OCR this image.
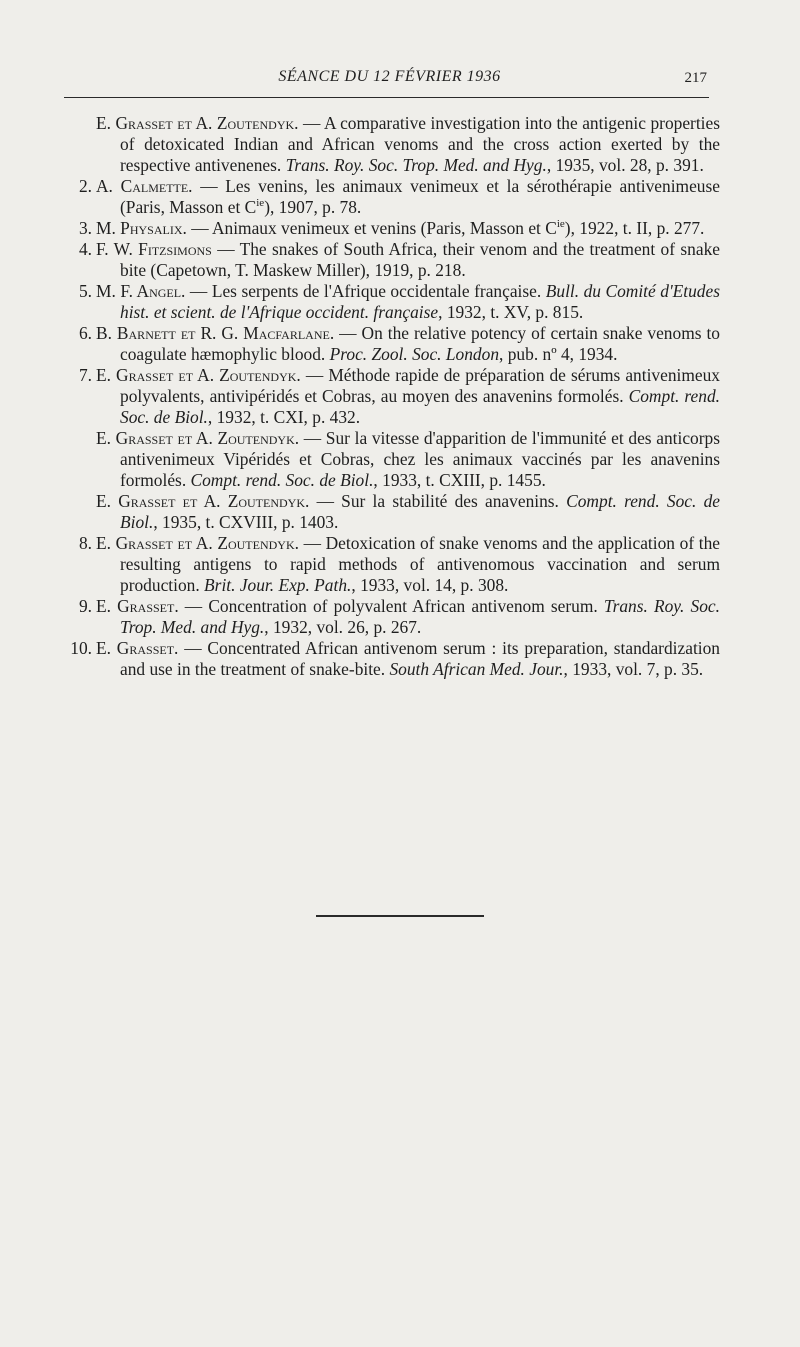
SÉANCE DU 12 FÉVRIER 1936	217

E. Grasset et A. Zoutendyk. — A comparative investigation into the antigenic properties of detoxicated Indian and African venoms and the cross action exerted by the respective antivenenes. Trans. Roy. Soc. Trop. Med. and Hyg., 1935, vol. 28, p. 391.

2. A. Calmette. — Les venins, les animaux venimeux et la sérothérapie antivenimeuse (Paris, Masson et $C^{ie}$), 1907, p. 78.

3. M. Physalix. — Animaux venimeux et venins (Paris, Masson et $C^{ie}$), 1922, t. II, p. 277.

4. F. W. Fitzsimons — The snakes of South Africa, their venom and the treatment of snake bite (Capetown, T. Maskew Miller), 1919, p. 218.

5. M. F. Angel. — Les serpents de l'Afrique occidentale française. Bull. du Comité d'Etudes hist. et scient. de l'Afrique occident. française, 1932, t. XV, p. 815.

6. B. Barnett et R. G. Macfarlane. — On the relative potency of certain snake venoms to coagulate hæmophylic blood. Proc. Zool. Soc. London, pub. nº 4, 1934.

7. E. Grasset et A. Zoutendyk. — Méthode rapide de préparation de sérums antivenimeux polyvalents, antivipéridés et Cobras, au moyen des anavenins formolés. Compt. rend. Soc. de Biol., 1932, t. CXI, p. 432.

E. Grasset et A. Zoutendyk. — Sur la vitesse d'apparition de l'immunité et des anticorps antivenimeux Vipéridés et Cobras, chez les animaux vaccinés par les anavenins formolés. Compt. rend. Soc. de Biol., 1933, t. CXIII, p. 1455.

E. Grasset et A. Zoutendyk. — Sur la stabilité des anavenins. Compt. rend. Soc. de Biol., 1935, t. CXVIII, p. 1403.

8. E. Grasset et A. Zoutendyk. — Detoxication of snake venoms and the application of the resulting antigens to rapid methods of antivenomous vaccination and serum production. Brit. Jour. Exp. Path., 1933, vol. 14, p. 308.

9. E. Grasset. — Concentration of polyvalent African antivenom serum. Trans. Roy. Soc. Trop. Med. and Hyg., 1932, vol. 26, p. 267.

10. E. Grasset. — Concentrated African antivenom serum : its preparation, standardization and use in the treatment of snake-bite. South African Med. Jour., 1933, vol. 7, p. 35.
